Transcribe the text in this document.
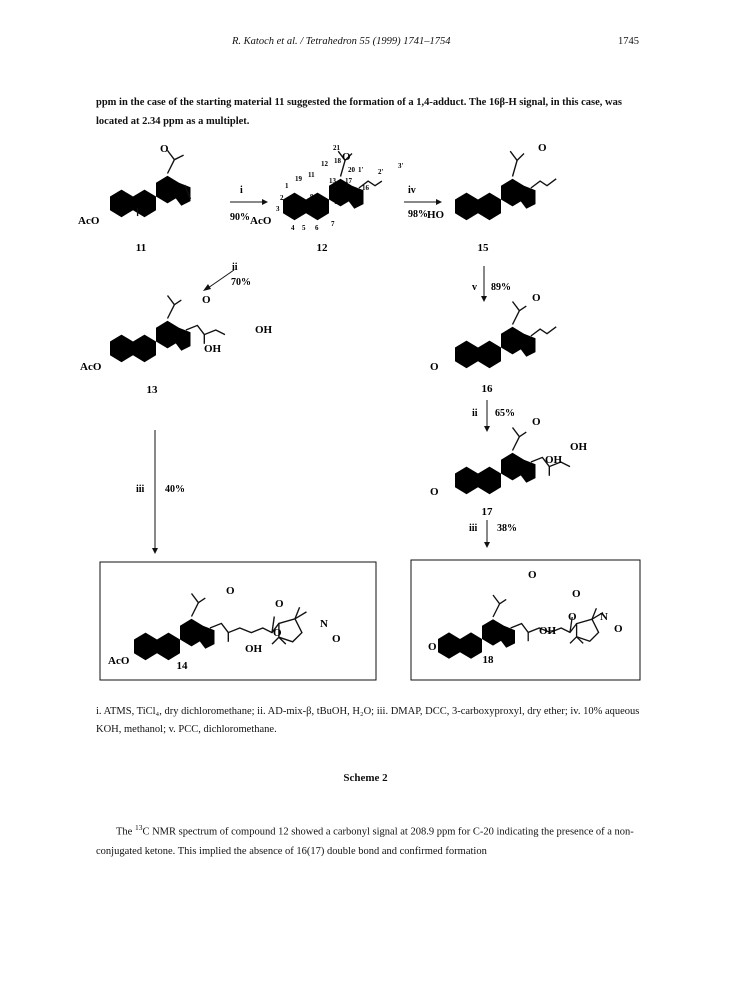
R. Katoch et al. / Tetrahedron 55 (1999) 1741–1754	1745
ppm in the case of the starting material 11 suggested the formation of a 1,4-adduct. The 16β-H signal, in this case, was located at 2.34 ppm as a multiplet.
O
AcO
11
i
90%
O
AcO
12
21
20 1' 2'
3'
12 18
13 17
16
15
14
8
9
10
11
19
1
2
3
4 5 6 7
iv
98%
O
HO
15
ii
70%
O
OH
OH
AcO
13
v 89%
O
O
16
ii 65%
O
OH
OH
O
17
iii 40%
iii 38%
O
O
O
OH
N
O
AcO	14
O
O
O
OH
N
O
O
18
i. ATMS, TiCl₄, dry dichloromethane; ii. AD-mix-β, tBuOH, H₂O; iii. DMAP, DCC, 3-carboxyproxyl, dry ether; iv. 10% aqueous KOH, methanol; v. PCC, dichloromethane.
Scheme 2
The $^{13}$C NMR spectrum of compound 12 showed a carbonyl signal at 208.9 ppm for C-20 indicating the presence of a non-conjugated ketone. This implied the absence of 16(17) double bond and confirmed formation
